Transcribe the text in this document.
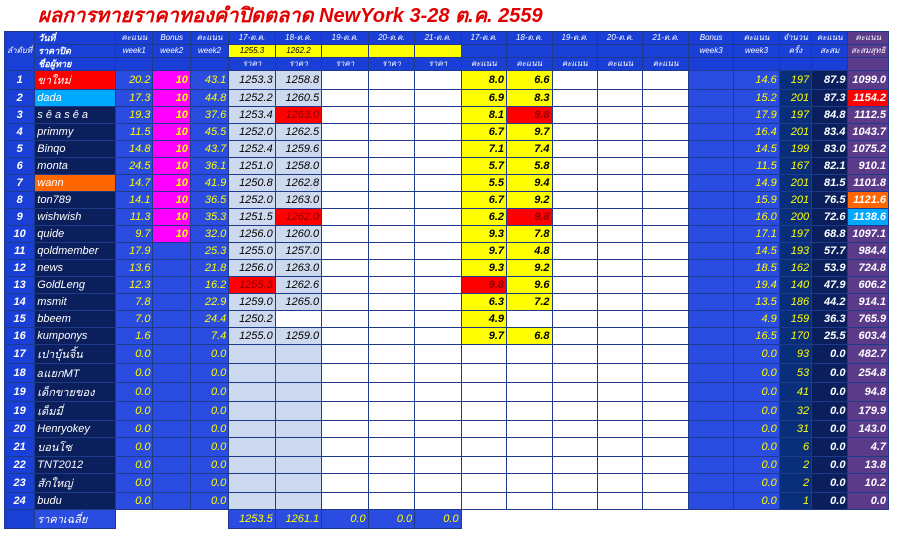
ผลการทายราคาทองคำปิดตลาด NewYork 3-28 ต.ค. 2559
ลำดับที่	วันที่	คะแนน	Bonus	คะแนน	17-ต.ค.	18-ต.ค.	19-ต.ค.	20-ต.ค.	21-ต.ค.	17-ต.ค.	18-ต.ค.	19-ต.ค.	20-ต.ค.	21-ต.ค.	Bonus	คะแนน	จำนวน	คะแนน	คะแนน
	ราคาปิด	week1	week2	week2	1255.3	1262.2									week3	week3	ครั้ง	สะสม	สะสมสุทธิ
	ชื่อผู้ทาย				ราคา	ราคา	ราคา	ราคา	ราคา	คะแนน	คะแนน	คะแนน	คะแนน	คะแนน					
1	ขาใหม่	20.2	10	43.1	1253.3	1258.8				8.0	6.6					14.6	197	87.9	1099.0
2	dada	17.3	10	44.8	1252.2	1260.5				6.9	8.3					15.2	201	87.3	1154.2
3	s ê a s ê a	19.3	10	37.6	1253.4	1263.0				8.1	9.8					17.9	197	84.8	1112.5
4	primmy	11.5	10	45.5	1252.0	1262.5				6.7	9.7					16.4	201	83.4	1043.7
5	Binqo	14.8	10	43.7	1252.4	1259.6				7.1	7.4					14.5	199	83.0	1075.2
6	monta	24.5	10	36.1	1251.0	1258.0				5.7	5.8					11.5	167	82.1	910.1
7	wann	14.7	10	41.9	1250.8	1262.8				5.5	9.4					14.9	201	81.5	1101.8
8	ton789	14.1	10	36.5	1252.0	1263.0				6.7	9.2					15.9	201	76.5	1121.6
9	wishwish	11.3	10	35.3	1251.5	1262.0				6.2	9.8					16.0	200	72.6	1138.6
10	quide	9.7	10	32.0	1256.0	1260.0				9.3	7.8					17.1	197	68.8	1097.1
11	qoldmember	17.9		25.3	1255.0	1257.0				9.7	4.8					14.5	193	57.7	984.4
12	news	13.6		21.8	1256.0	1263.0				9.3	9.2					18.5	162	53.9	724.8
13	GoldLeng	12.3		16.2	1255.3	1262.6				9.8	9.6					19.4	140	47.9	606.2
14	msmit	7.8		22.9	1259.0	1265.0				6.3	7.2					13.5	186	44.2	914.1
15	bbeem	7.0		24.4	1250.2					4.9						4.9	159	36.3	765.9
16	kumponys	1.6		7.4	1255.0	1259.0				9.7	6.8					16.5	170	25.5	603.4
17	เปาบุ้นจิ้น	0.0		0.0												0.0	93	0.0	482.7
18	aแยกMT	0.0		0.0												0.0	53	0.0	254.8
19	เด็กขายของ	0.0		0.0												0.0	41	0.0	94.8
19	เด็มมี่	0.0		0.0												0.0	32	0.0	179.9
20	Henryokey	0.0		0.0												0.0	31	0.0	143.0
21	บอนโซ	0.0		0.0												0.0	6	0.0	4.7
22	TNT2012	0.0		0.0												0.0	2	0.0	13.8
23	สักใหญ่	0.0		0.0												0.0	2	0.0	10.2
24	budu	0.0		0.0												0.0	1	0.0	0.0
	ราคาเฉลี่ย				1253.5	1261.1	0.0	0.0	0.0										
